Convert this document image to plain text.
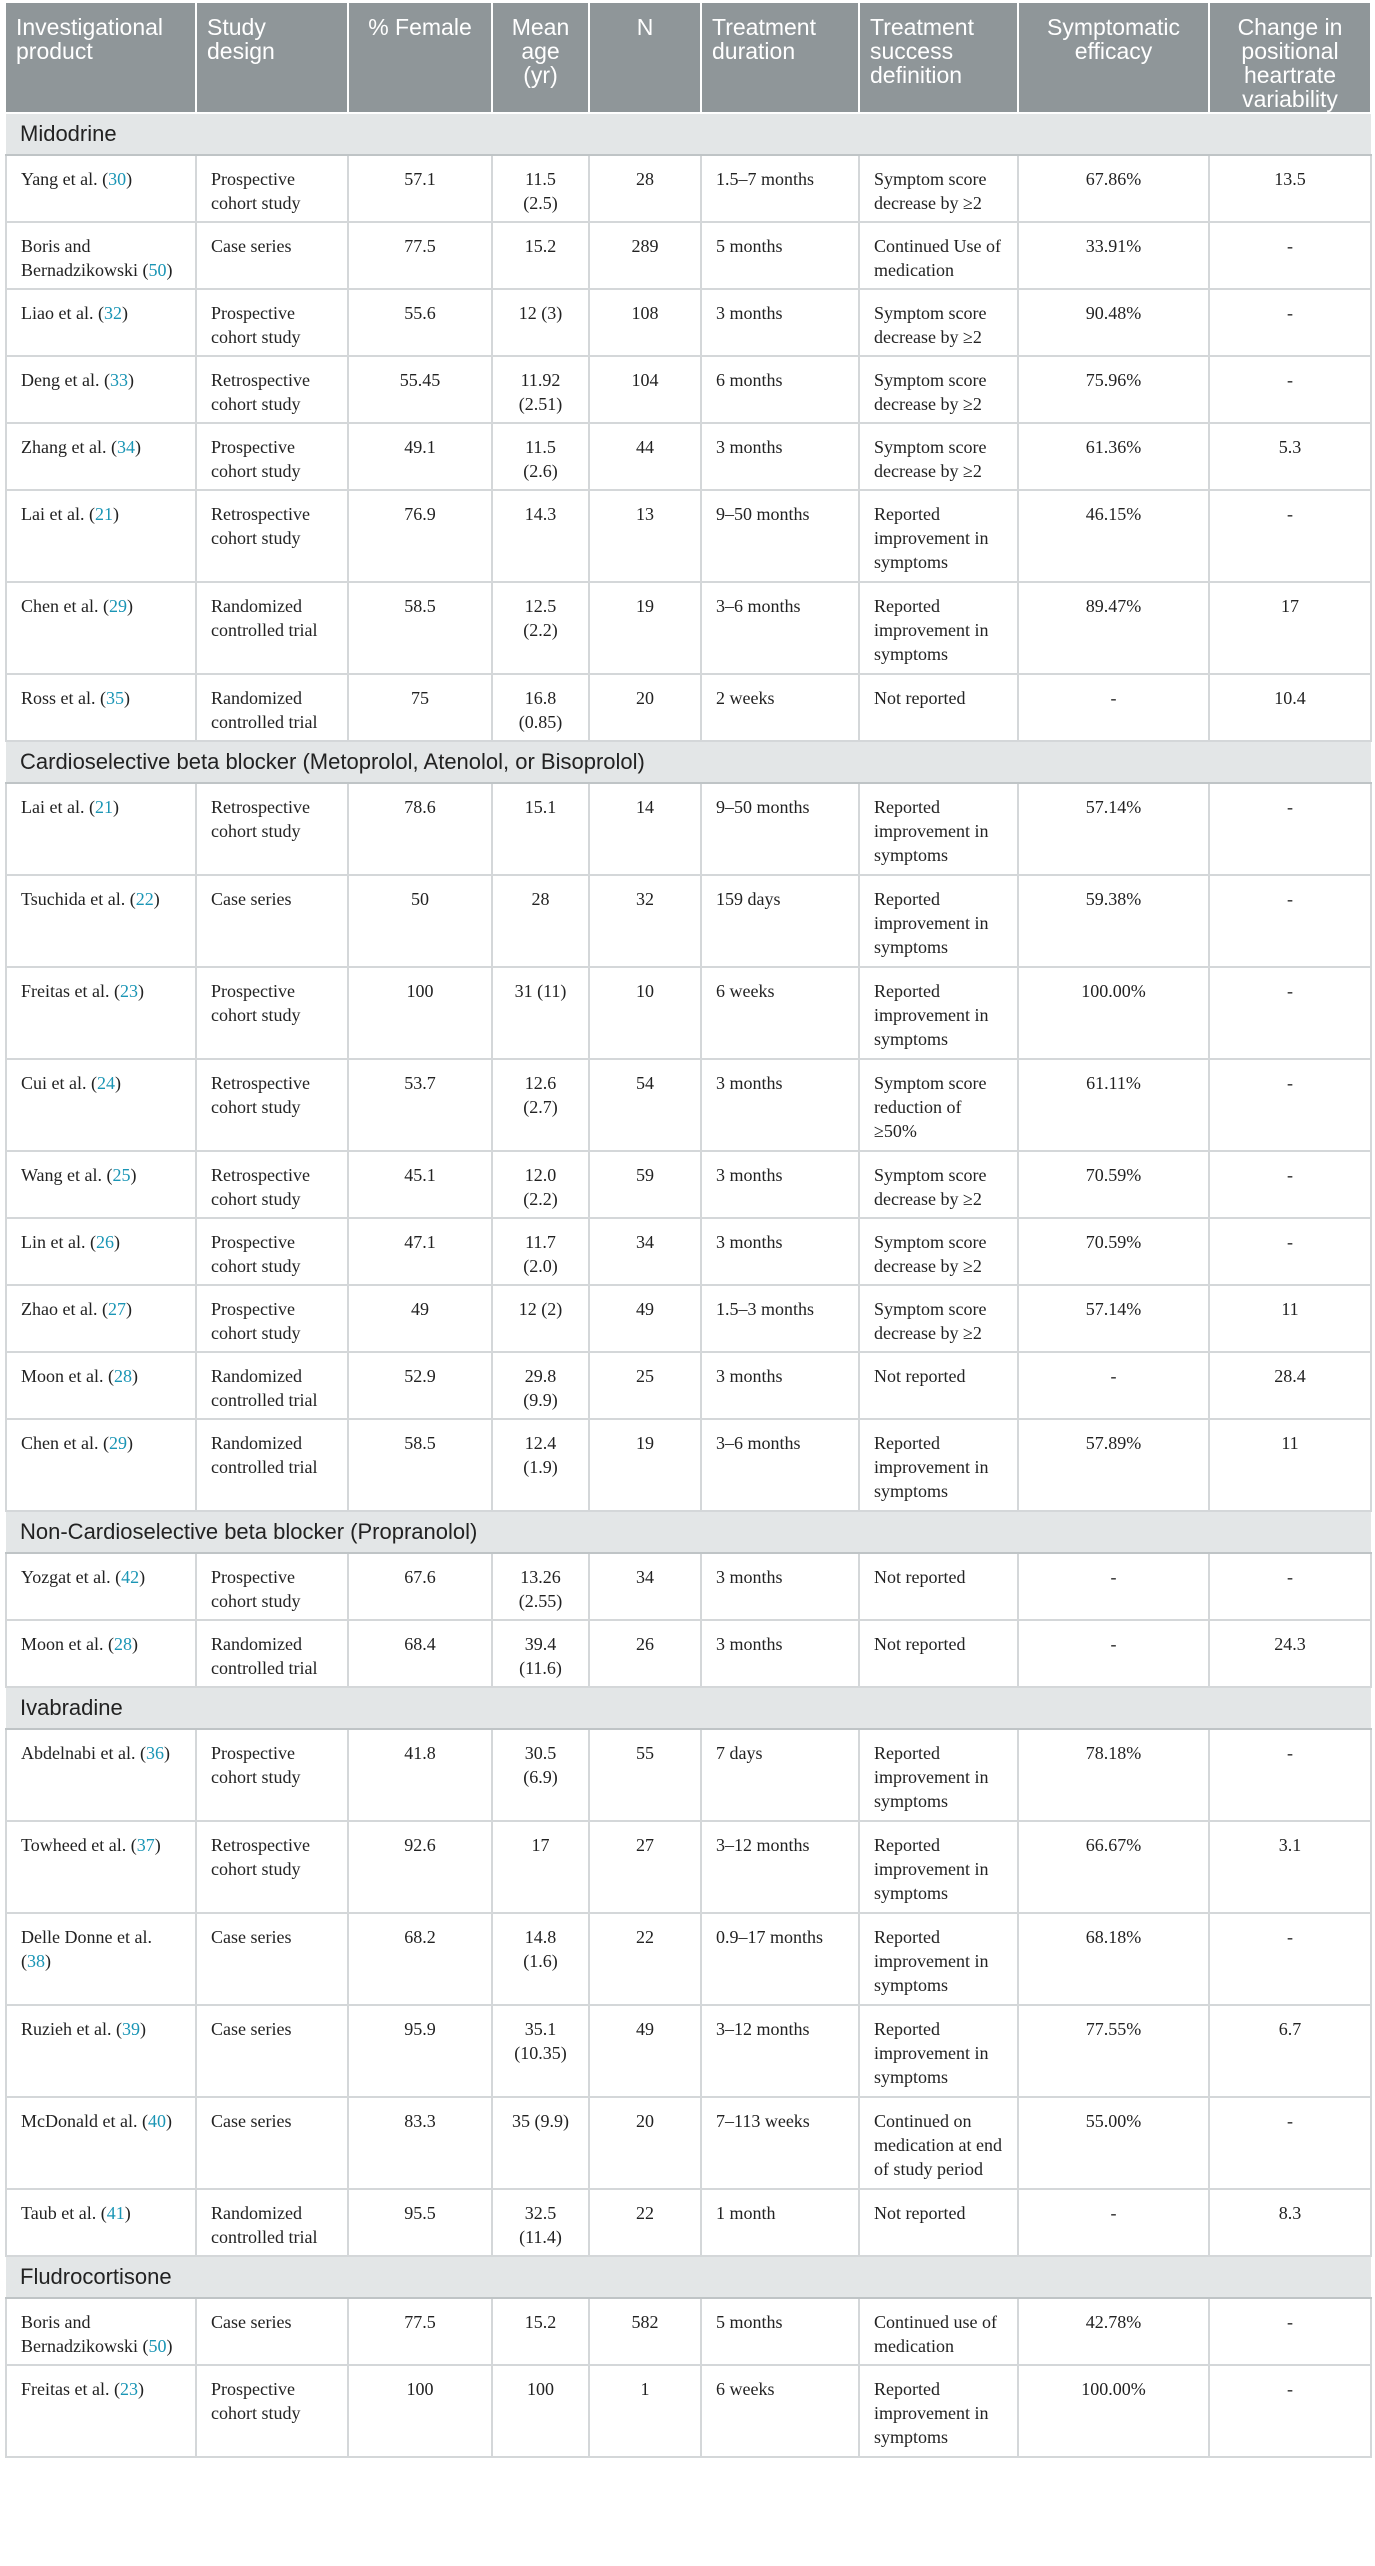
Investigational product	Study design	% Female	Mean age (yr)	N	Treatment duration	Treatment success definition	Symptomatic efficacy	Change in positional heartrate variability
Midodrine								
Yang et al. (30)	Prospective cohort study	57.1	11.5 (2.5)	28	1.5–7 months	Symptom score decrease by ≥2	67.86%	13.5
Boris and Bernadzikowski (50)	Case series	77.5	15.2	289	5 months	Continued Use of medication	33.91%	-
Liao et al. (32)	Prospective cohort study	55.6	12 (3)	108	3 months	Symptom score decrease by ≥2	90.48%	-
Deng et al. (33)	Retrospective cohort study	55.45	11.92 (2.51)	104	6 months	Symptom score decrease by ≥2	75.96%	-
Zhang et al. (34)	Prospective cohort study	49.1	11.5 (2.6)	44	3 months	Symptom score decrease by ≥2	61.36%	5.3
Lai et al. (21)	Retrospective cohort study	76.9	14.3	13	9–50 months	Reported improvement in symptoms	46.15%	-
Chen et al. (29)	Randomized controlled trial	58.5	12.5 (2.2)	19	3–6 months	Reported improvement in symptoms	89.47%	17
Ross et al. (35)	Randomized controlled trial	75	16.8 (0.85)	20	2 weeks	Not reported	-	10.4
Cardioselective beta blocker (Metoprolol, Atenolol, or Bisoprolol)								
Lai et al. (21)	Retrospective cohort study	78.6	15.1	14	9–50 months	Reported improvement in symptoms	57.14%	-
Tsuchida et al. (22)	Case series	50	28	32	159 days	Reported improvement in symptoms	59.38%	-
Freitas et al. (23)	Prospective cohort study	100	31 (11)	10	6 weeks	Reported improvement in symptoms	100.00%	-
Cui et al. (24)	Retrospective cohort study	53.7	12.6 (2.7)	54	3 months	Symptom score reduction of ≥50%	61.11%	-
Wang et al. (25)	Retrospective cohort study	45.1	12.0 (2.2)	59	3 months	Symptom score decrease by ≥2	70.59%	-
Lin et al. (26)	Prospective cohort study	47.1	11.7 (2.0)	34	3 months	Symptom score decrease by ≥2	70.59%	-
Zhao et al. (27)	Prospective cohort study	49	12 (2)	49	1.5–3 months	Symptom score decrease by ≥2	57.14%	11
Moon et al. (28)	Randomized controlled trial	52.9	29.8 (9.9)	25	3 months	Not reported	-	28.4
Chen et al. (29)	Randomized controlled trial	58.5	12.4 (1.9)	19	3–6 months	Reported improvement in symptoms	57.89%	11
Non-Cardioselective beta blocker (Propranolol)								
Yozgat et al. (42)	Prospective cohort study	67.6	13.26 (2.55)	34	3 months	Not reported	-	-
Moon et al. (28)	Randomized controlled trial	68.4	39.4 (11.6)	26	3 months	Not reported	-	24.3
Ivabradine								
Abdelnabi et al. (36)	Prospective cohort study	41.8	30.5 (6.9)	55	7 days	Reported improvement in symptoms	78.18%	-
Towheed et al. (37)	Retrospective cohort study	92.6	17	27	3–12 months	Reported improvement in symptoms	66.67%	3.1
Delle Donne et al. (38)	Case series	68.2	14.8 (1.6)	22	0.9–17 months	Reported improvement in symptoms	68.18%	-
Ruzieh et al. (39)	Case series	95.9	35.1 (10.35)	49	3–12 months	Reported improvement in symptoms	77.55%	6.7
McDonald et al. (40)	Case series	83.3	35 (9.9)	20	7–113 weeks	Continued on medication at end of study period	55.00%	-
Taub et al. (41)	Randomized controlled trial	95.5	32.5 (11.4)	22	1 month	Not reported	-	8.3
Fludrocortisone								
Boris and Bernadzikowski (50)	Case series	77.5	15.2	582	5 months	Continued use of medication	42.78%	-
Freitas et al. (23)	Prospective cohort study	100	100	1	6 weeks	Reported improvement in symptoms	100.00%	-
